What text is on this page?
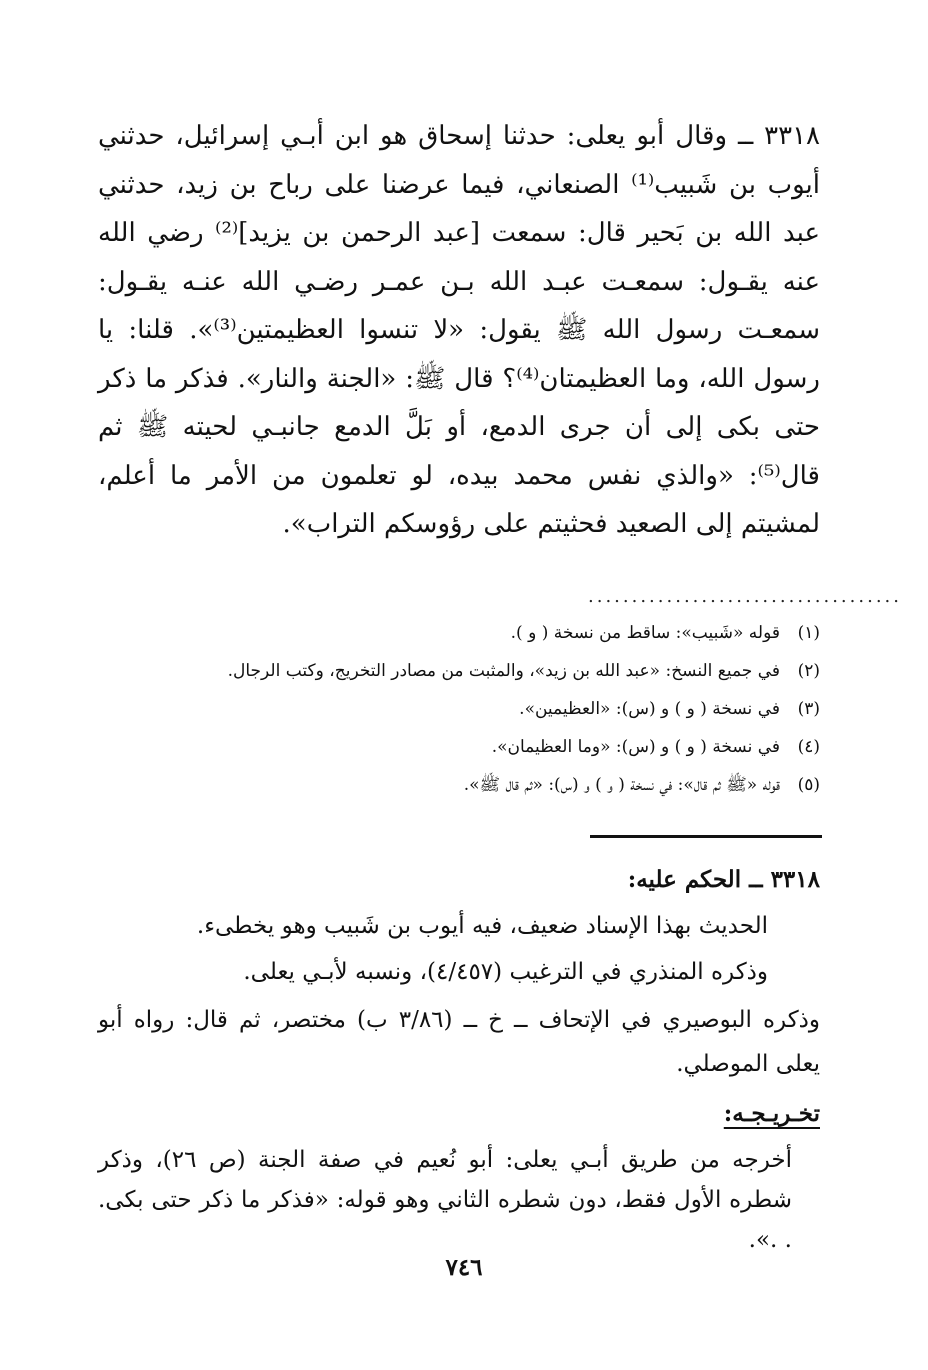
٣٣١٨ ــ وقال أبو يعلى: حدثنا إسحاق هو ابن أبـي إسرائيل، حدثني أيوب بن شَبيب⁽¹⁾ الصنعاني، فيما عرضنا على رباح بن زيد، حدثني عبد الله بن بَحير قال: سمعت [عبد الرحمن بن يزيد]⁽²⁾ رضي الله عنه يقـول: سمعـت عبـد الله بـن عمـر رضـي الله عنـه يقـول: سمعـت رسول الله ﷺ يقول: «لا تنسوا العظيمتين⁽³⁾». قلنا: يا رسول الله، وما العظيمتان⁽⁴⁾؟ قال ﷺ: «الجنة والنار». فذكر ما ذكر حتى بكى إلى أن جرى الدمع، أو بَلَّ الدمع جانبـي لحيته ﷺ ثم قال⁽⁵⁾: «والذي نفس محمد بيده، لو تعلمون من الأمر ما أعلم، لمشيتم إلى الصعيد فحثيتم على رؤوسكم التراب».

....................................
(١)قوله «شَبيب»: ساقط من نسخة ( و ).
(٢)في جميع النسخ: «عبد الله بن زيد»، والمثبت من مصادر التخريج، وكتب الرجال.
(٣)في نسخة ( و ) و (س): «العظيمين».
(٤)في نسخة ( و ) و (س): «وما العظيمان».
(٥)قوله «ﷺ ثم قال»: في نسخة ( و ) و (س): «ثم قال ﷺ».
٣٣١٨ ــ الحكم عليه:

الحديث بهذا الإسناد ضعيف، فيه أيوب بن شَبيب وهو يخطىء.

وذكره المنذري في الترغيب (٤/٤٥٧)، ونسبه لأبـي يعلى.

وذكره البوصيري في الإتحاف ــ خ ــ (٣/٨٦ ب) مختصر، ثم قال: رواه أبو يعلى الموصلي.

تخـريـجـه:

أخرجه من طريق أبـي يعلى: أبو نُعيم في صفة الجنة (ص ٢٦)، وذكر شطره الأول فقط، دون شطره الثاني وهو قوله: «فذكر ما ذكر حتى بكى. . .».

٧٤٦
